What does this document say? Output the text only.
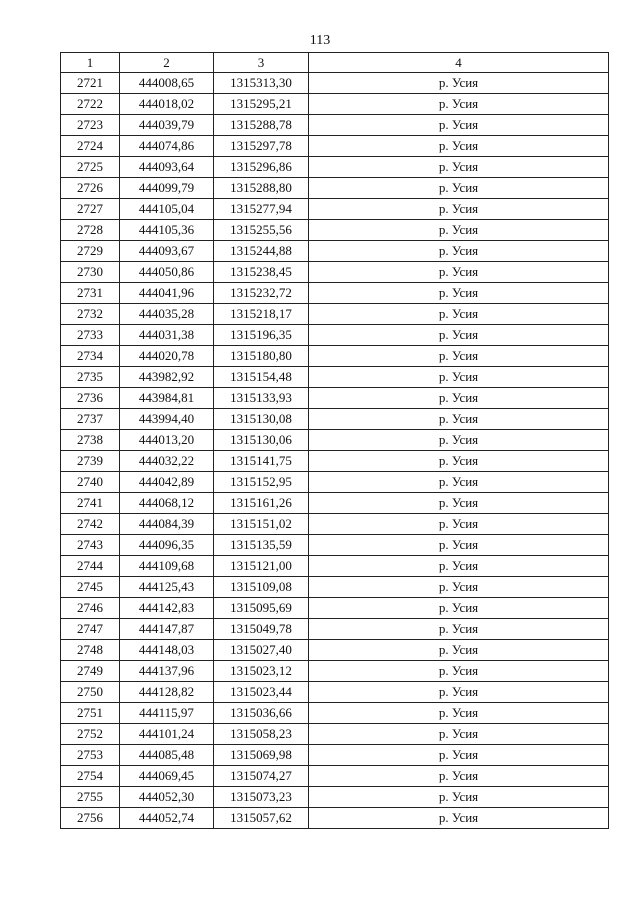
113
1	2	3	4
2721	444008,65	1315313,30	р. Усия
2722	444018,02	1315295,21	р. Усия
2723	444039,79	1315288,78	р. Усия
2724	444074,86	1315297,78	р. Усия
2725	444093,64	1315296,86	р. Усия
2726	444099,79	1315288,80	р. Усия
2727	444105,04	1315277,94	р. Усия
2728	444105,36	1315255,56	р. Усия
2729	444093,67	1315244,88	р. Усия
2730	444050,86	1315238,45	р. Усия
2731	444041,96	1315232,72	р. Усия
2732	444035,28	1315218,17	р. Усия
2733	444031,38	1315196,35	р. Усия
2734	444020,78	1315180,80	р. Усия
2735	443982,92	1315154,48	р. Усия
2736	443984,81	1315133,93	р. Усия
2737	443994,40	1315130,08	р. Усия
2738	444013,20	1315130,06	р. Усия
2739	444032,22	1315141,75	р. Усия
2740	444042,89	1315152,95	р. Усия
2741	444068,12	1315161,26	р. Усия
2742	444084,39	1315151,02	р. Усия
2743	444096,35	1315135,59	р. Усия
2744	444109,68	1315121,00	р. Усия
2745	444125,43	1315109,08	р. Усия
2746	444142,83	1315095,69	р. Усия
2747	444147,87	1315049,78	р. Усия
2748	444148,03	1315027,40	р. Усия
2749	444137,96	1315023,12	р. Усия
2750	444128,82	1315023,44	р. Усия
2751	444115,97	1315036,66	р. Усия
2752	444101,24	1315058,23	р. Усия
2753	444085,48	1315069,98	р. Усия
2754	444069,45	1315074,27	р. Усия
2755	444052,30	1315073,23	р. Усия
2756	444052,74	1315057,62	р. Усия
